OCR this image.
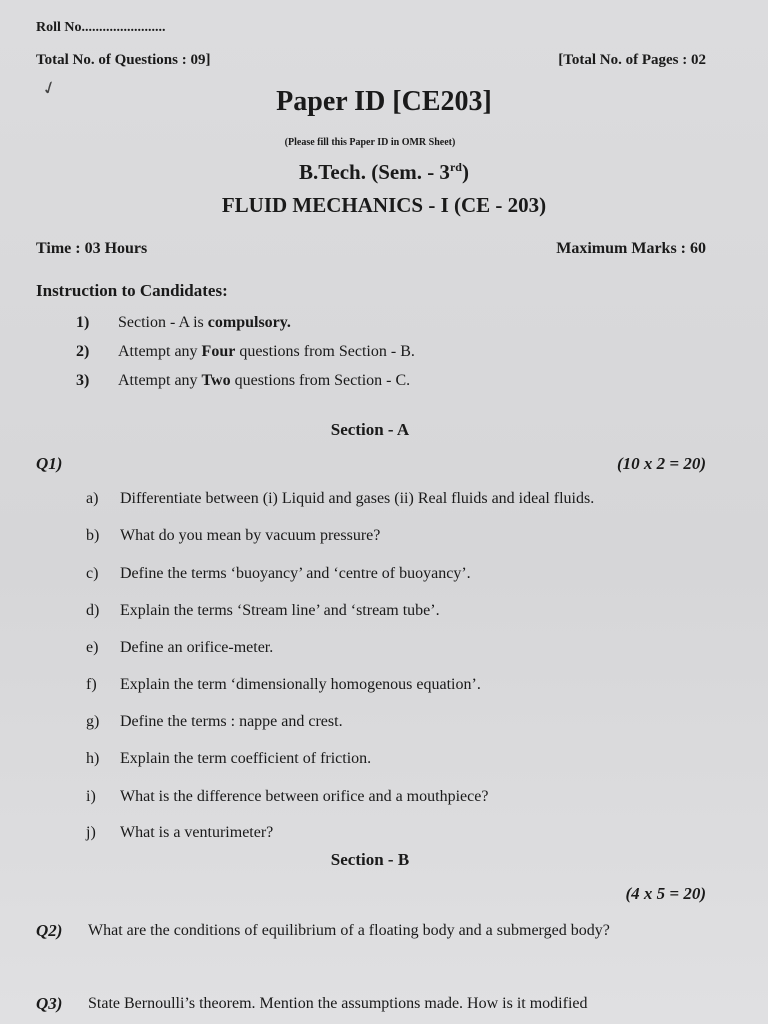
Roll No........................
✓
Total No. of Questions : 09]	[Total No. of Pages : 02
Paper ID [CE203]
(Please fill this Paper ID in OMR Sheet)
B.Tech. (Sem. - 3rd)
FLUID MECHANICS - I (CE - 203)
Time : 03 Hours	Maximum Marks : 60
Instruction to Candidates:
1) Section - A is compulsory.
2) Attempt any Four questions from Section - B.
3) Attempt any Two questions from Section - C.
Section - A
Q1)	(10 x 2 = 20)
a) Differentiate between (i) Liquid and gases (ii) Real fluids and ideal fluids.
b) What do you mean by vacuum pressure?
c) Define the terms ‘buoyancy’ and ‘centre of buoyancy’.
d) Explain the terms ‘Stream line’ and ‘stream tube’.
e) Define an orifice-meter.
f) Explain the term ‘dimensionally homogenous equation’.
g) Define the terms : nappe and crest.
h) Explain the term coefficient of friction.
i) What is the difference between orifice and a mouthpiece?
j) What is a venturimeter?
Section - B
(4 x 5 = 20)
Q2) What are the conditions of equilibrium of a floating body and a submerged body?
Q3) State Bernoulli’s theorem. Mention the assumptions made. How is it modified
